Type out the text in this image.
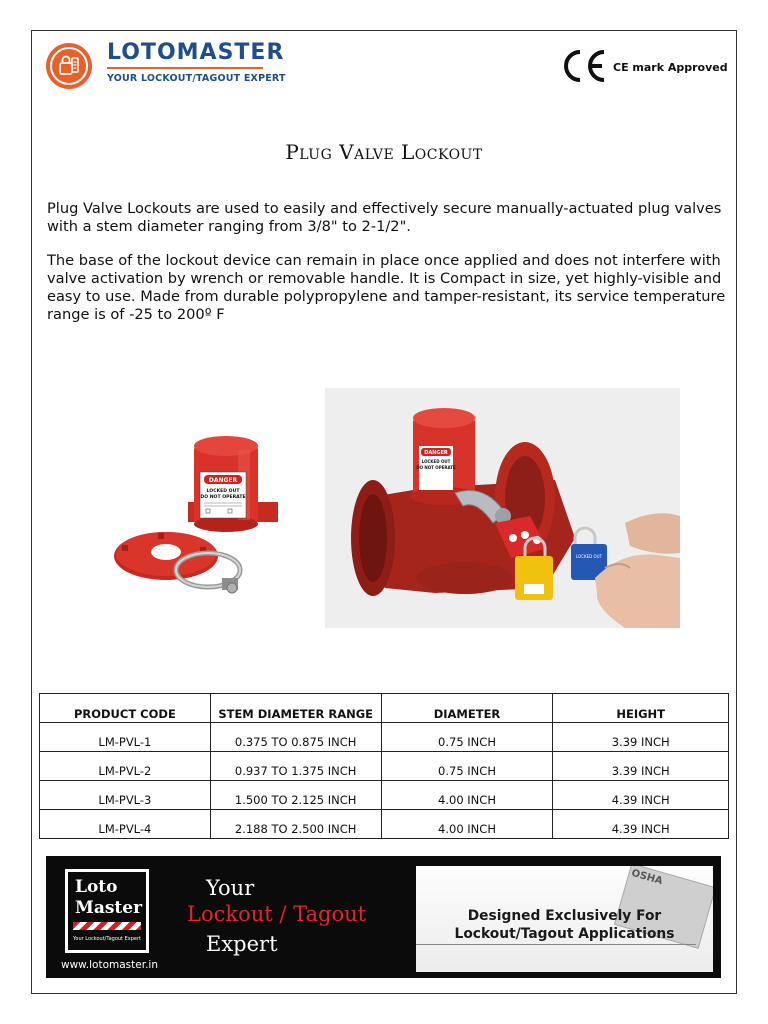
LOTOMASTER
YOUR LOCKOUT/TAGOUT EXPERT
CE mark Approved
Plug Valve Lockout

Plug Valve Lockouts are used to easily and effectively secure manually-actuated plug valves with a stem diameter ranging from 3/8" to 2-1/2".

The base of the lockout device can remain in place once applied and does not interfere with valve activation by wrench or removable handle. It is Compact in size, yet highly-visible and easy to use. Made from durable polypropylene and tamper-resistant, its service temperature range is of -25 to 200º F

DANGER
LOCKED OUT
DO NOT OPERATE
DANGER
LOCKED OUT
DO NOT OPERATE
LOCKED OUT
PRODUCT CODE	STEM DIAMETER RANGE	DIAMETER	HEIGHT
LM-PVL-1	0.375 TO 0.875 INCH	0.75 INCH	3.39 INCH
LM-PVL-2	0.937 TO 1.375 INCH	0.75 INCH	3.39 INCH
LM-PVL-3	1.500 TO 2.125 INCH	4.00 INCH	4.39 INCH
LM-PVL-4	2.188 TO 2.500 INCH	4.00 INCH	4.39 INCH
Loto
Master
Your Lockout/Tagout Expert
www.lotomaster.in
Your
Lockout / Tagout
Expert
OSHA
Designed Exclusively For
Lockout/Tagout Applications
